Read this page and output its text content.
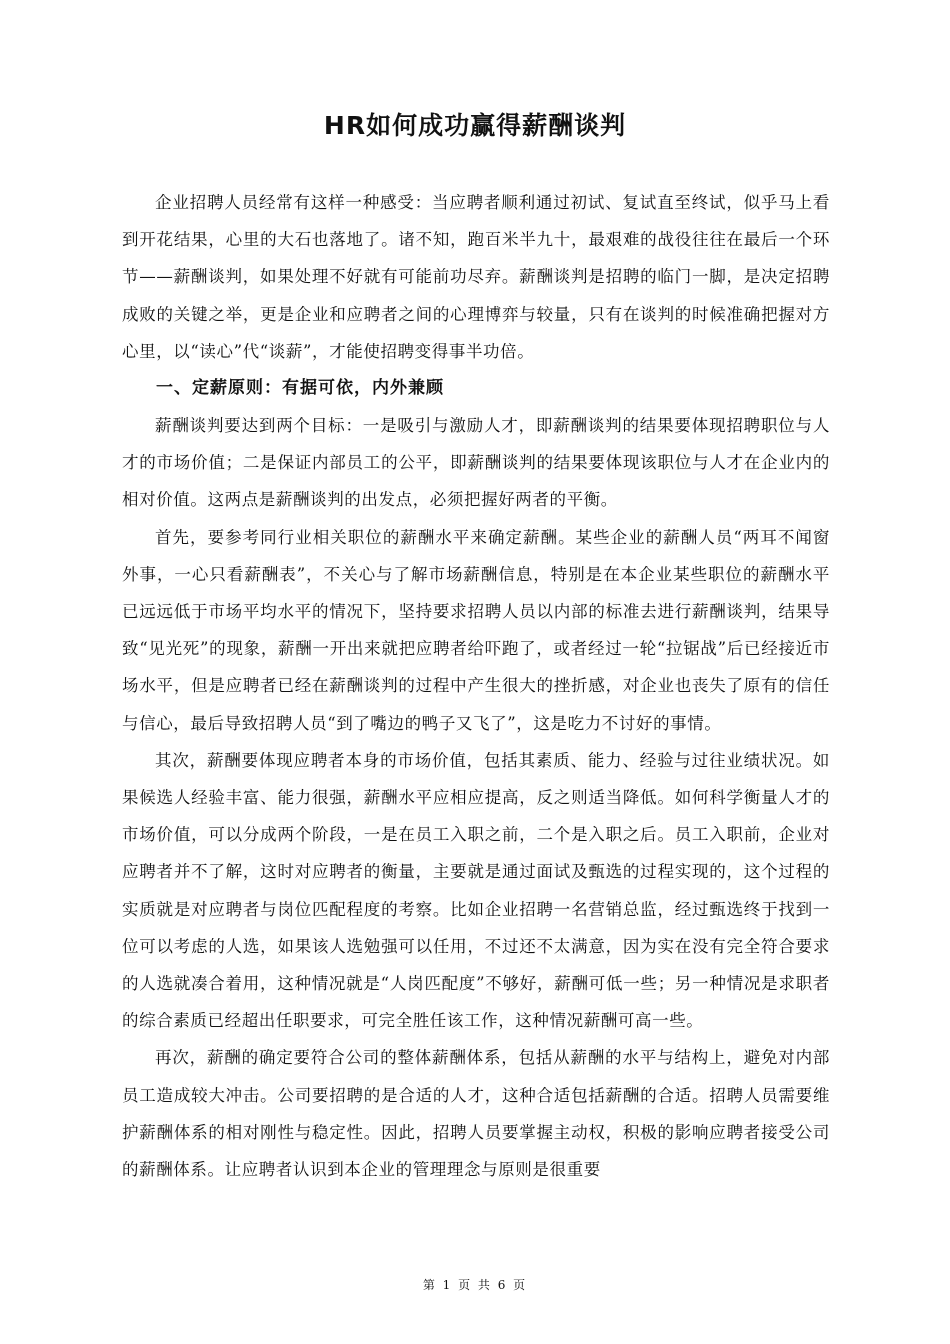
HR如何成功赢得薪酬谈判

企业招聘人员经常有这样一种感受：当应聘者顺利通过初试、复试直至终试，似乎马上看到开花结果，心里的大石也落地了。诸不知，跑百米半九十，最艰难的战役往往在最后一个环节——薪酬谈判，如果处理不好就有可能前功尽弃。薪酬谈判是招聘的临门一脚，是决定招聘成败的关键之举，更是企业和应聘者之间的心理博弈与较量，只有在谈判的时候准确把握对方心里，以“读心”代“谈薪”，才能使招聘变得事半功倍。

一、定薪原则：有据可依，内外兼顾

薪酬谈判要达到两个目标：一是吸引与激励人才，即薪酬谈判的结果要体现招聘职位与人才的市场价值；二是保证内部员工的公平，即薪酬谈判的结果要体现该职位与人才在企业内的相对价值。这两点是薪酬谈判的出发点，必须把握好两者的平衡。

首先，要参考同行业相关职位的薪酬水平来确定薪酬。某些企业的薪酬人员“两耳不闻窗外事，一心只看薪酬表”，不关心与了解市场薪酬信息，特别是在本企业某些职位的薪酬水平已远远低于市场平均水平的情况下，坚持要求招聘人员以内部的标准去进行薪酬谈判，结果导致“见光死”的现象，薪酬一开出来就把应聘者给吓跑了，或者经过一轮“拉锯战”后已经接近市场水平，但是应聘者已经在薪酬谈判的过程中产生很大的挫折感，对企业也丧失了原有的信任与信心，最后导致招聘人员“到了嘴边的鸭子又飞了”，这是吃力不讨好的事情。

其次，薪酬要体现应聘者本身的市场价值，包括其素质、能力、经验与过往业绩状况。如果候选人经验丰富、能力很强，薪酬水平应相应提高，反之则适当降低。如何科学衡量人才的市场价值，可以分成两个阶段，一是在员工入职之前，二个是入职之后。员工入职前，企业对应聘者并不了解，这时对应聘者的衡量，主要就是通过面试及甄选的过程实现的，这个过程的实质就是对应聘者与岗位匹配程度的考察。比如企业招聘一名营销总监，经过甄选终于找到一位可以考虑的人选，如果该人选勉强可以任用，不过还不太满意，因为实在没有完全符合要求的人选就凑合着用，这种情况就是“人岗匹配度”不够好，薪酬可低一些；另一种情况是求职者的综合素质已经超出任职要求，可完全胜任该工作，这种情况薪酬可高一些。

再次，薪酬的确定要符合公司的整体薪酬体系，包括从薪酬的水平与结构上，避免对内部员工造成较大冲击。公司要招聘的是合适的人才，这种合适包括薪酬的合适。招聘人员需要维护薪酬体系的相对刚性与稳定性。因此，招聘人员要掌握主动权，积极的影响应聘者接受公司的薪酬体系。让应聘者认识到本企业的管理理念与原则是很重要

第 1 页 共 6 页
